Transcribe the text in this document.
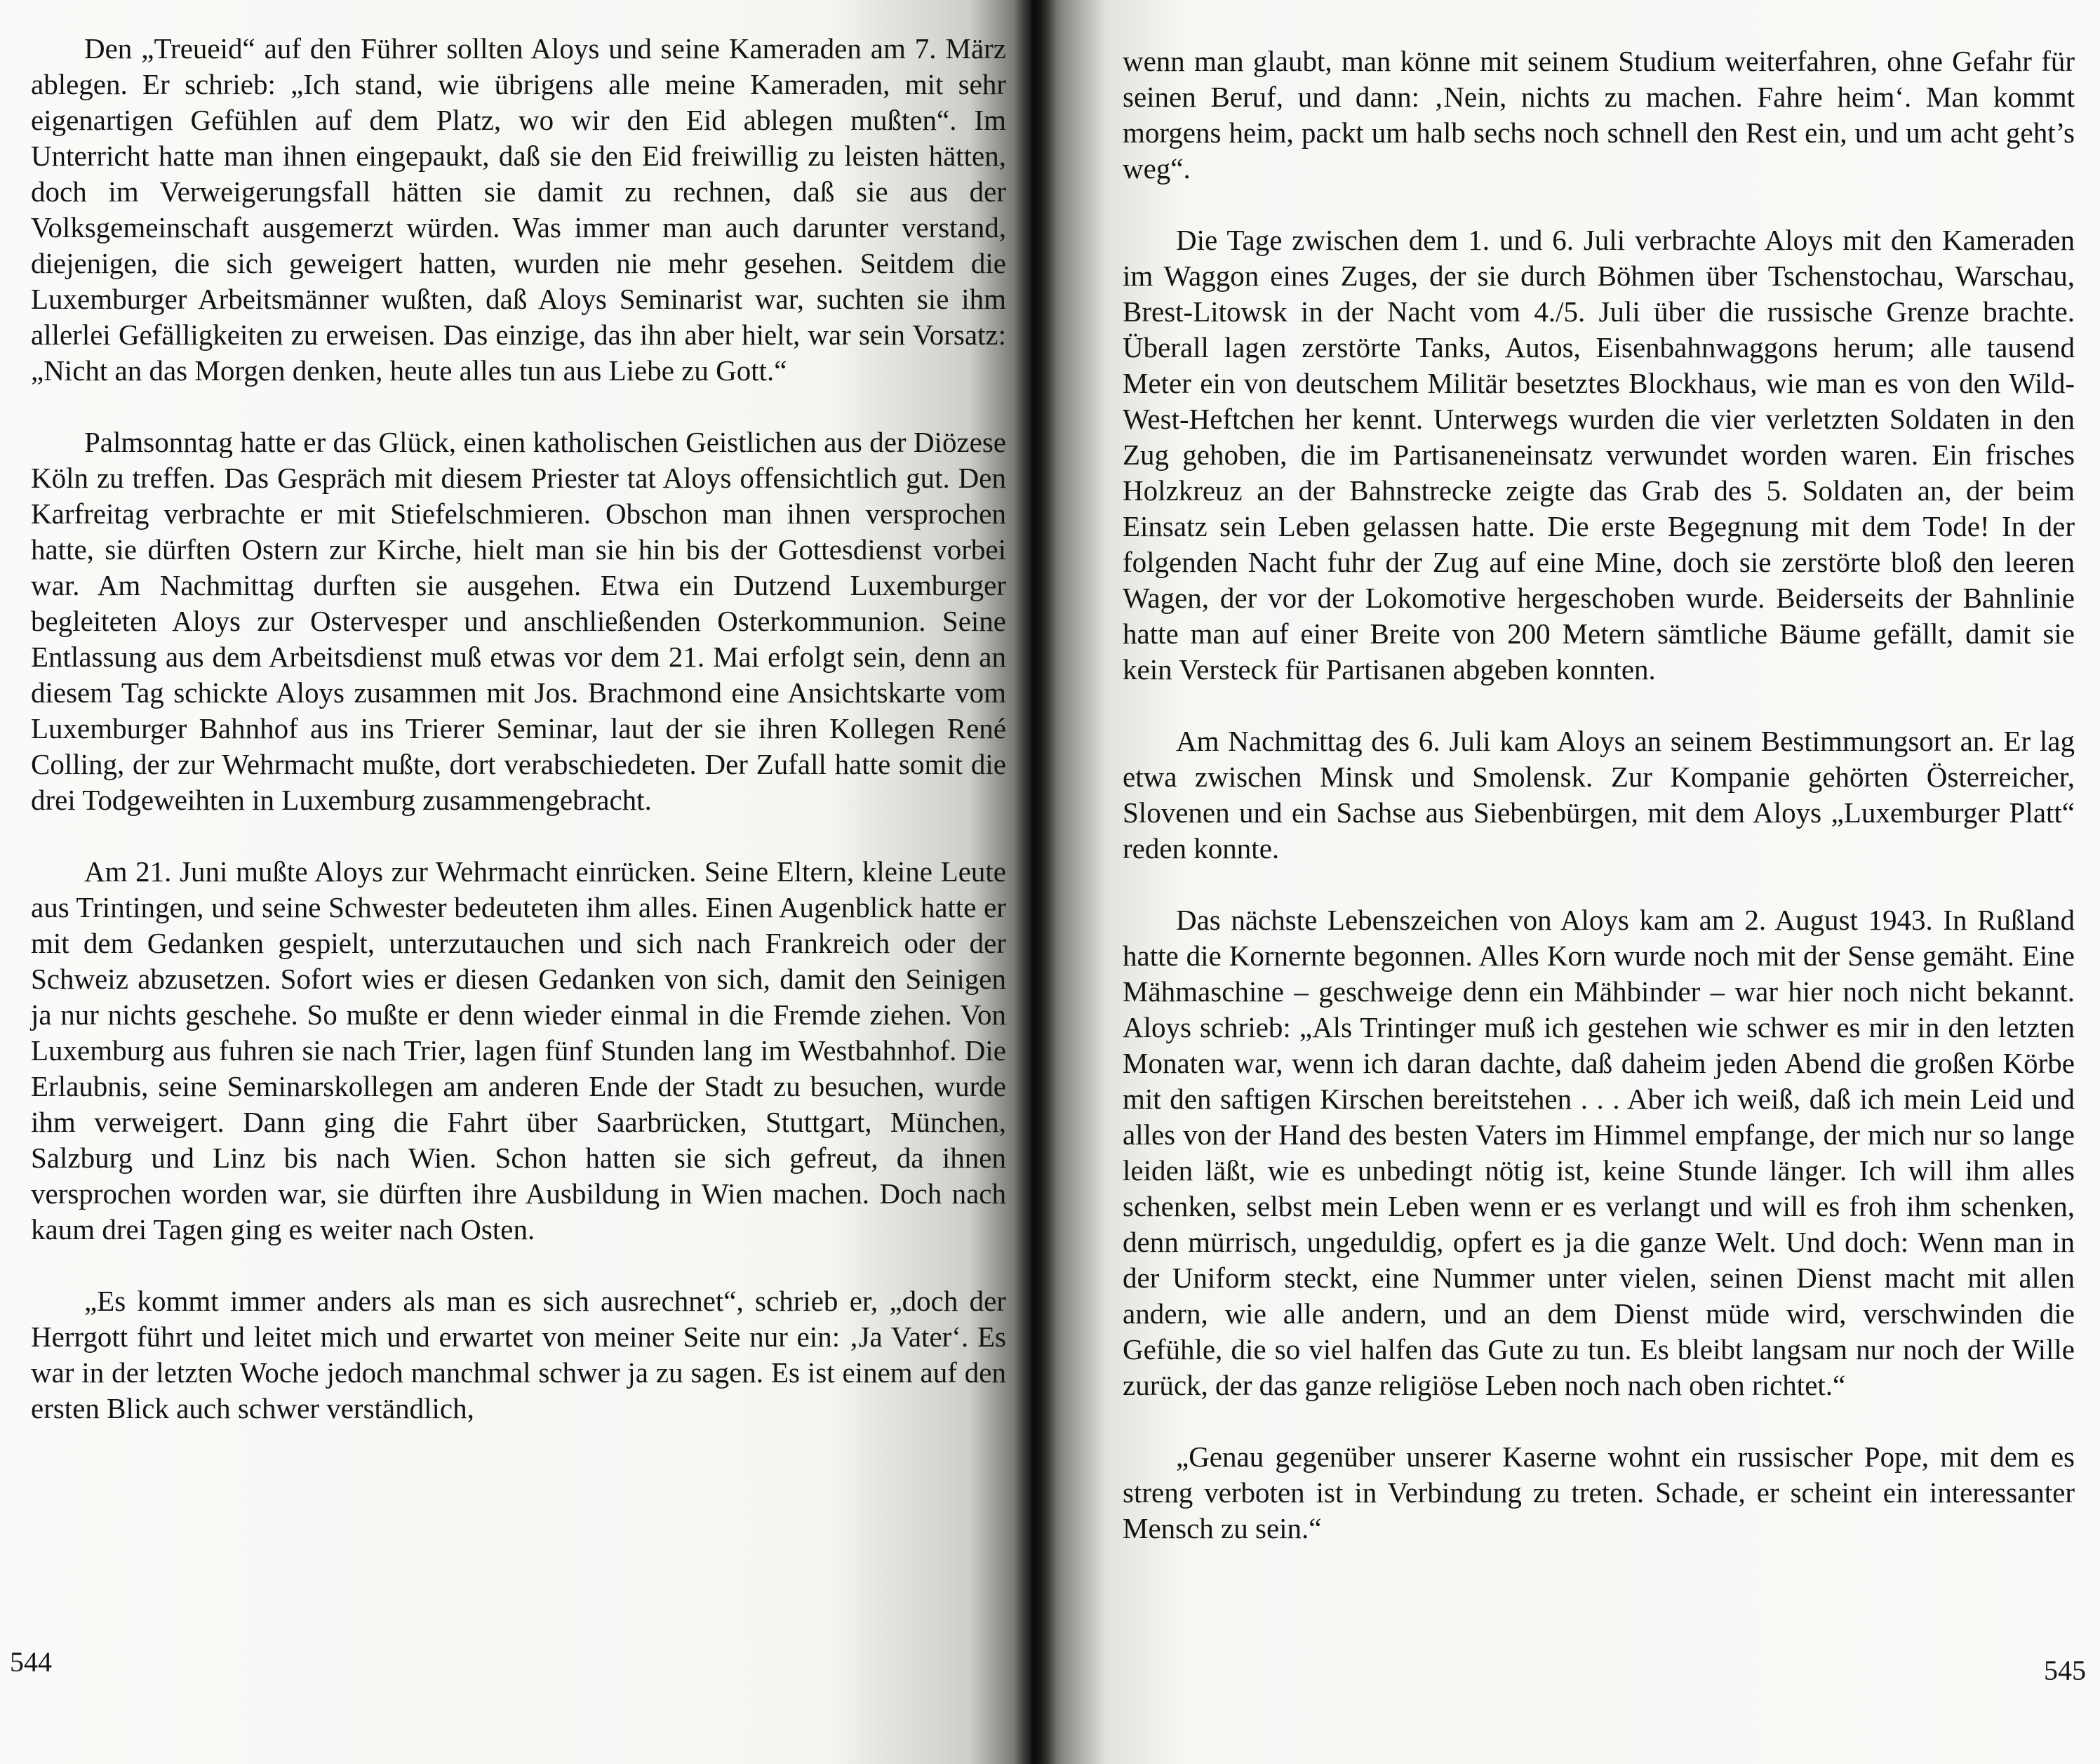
Den „Treueid“ auf den Führer sollten Aloys und seine Kameraden am 7. März ablegen. Er schrieb: „Ich stand, wie übrigens alle meine Kameraden, mit sehr eigenartigen Gefühlen auf dem Platz, wo wir den Eid ablegen mußten“. Im Unterricht hatte man ihnen eingepaukt, daß sie den Eid freiwillig zu leisten hätten, doch im Verweigerungsfall hätten sie damit zu rechnen, daß sie aus der Volksgemeinschaft ausgemerzt würden. Was immer man auch darunter verstand, diejenigen, die sich geweigert hatten, wurden nie mehr gesehen. Seitdem die Luxemburger Arbeitsmänner wußten, daß Aloys Seminarist war, suchten sie ihm allerlei Gefälligkeiten zu erweisen. Das einzige, das ihn aber hielt, war sein Vorsatz: „Nicht an das Morgen denken, heute alles tun aus Liebe zu Gott.“

Palmsonntag hatte er das Glück, einen katholischen Geistlichen aus der Diözese Köln zu treffen. Das Gespräch mit diesem Priester tat Aloys offensichtlich gut. Den Karfreitag verbrachte er mit Stiefelschmieren. Obschon man ihnen versprochen hatte, sie dürften Ostern zur Kirche, hielt man sie hin bis der Gottesdienst vorbei war. Am Nachmittag durften sie ausgehen. Etwa ein Dutzend Luxemburger begleiteten Aloys zur Ostervesper und anschließenden Osterkommunion. Seine Entlassung aus dem Arbeitsdienst muß etwas vor dem 21. Mai erfolgt sein, denn an diesem Tag schickte Aloys zusammen mit Jos. Brachmond eine Ansichtskarte vom Luxemburger Bahnhof aus ins Trierer Seminar, laut der sie ihren Kollegen René Colling, der zur Wehrmacht mußte, dort verabschiedeten. Der Zufall hatte somit die drei Todgeweihten in Luxemburg zusammengebracht.

Am 21. Juni mußte Aloys zur Wehrmacht einrücken. Seine Eltern, kleine Leute aus Trintingen, und seine Schwester bedeuteten ihm alles. Einen Augenblick hatte er mit dem Gedanken gespielt, unterzutauchen und sich nach Frankreich oder der Schweiz abzusetzen. Sofort wies er diesen Gedanken von sich, damit den Seinigen ja nur nichts geschehe. So mußte er denn wieder einmal in die Fremde ziehen. Von Luxemburg aus fuhren sie nach Trier, lagen fünf Stunden lang im Westbahnhof. Die Erlaubnis, seine Seminarskollegen am anderen Ende der Stadt zu besuchen, wurde ihm verweigert. Dann ging die Fahrt über Saarbrücken, Stuttgart, München, Salzburg und Linz bis nach Wien. Schon hatten sie sich gefreut, da ihnen versprochen worden war, sie dürften ihre Ausbildung in Wien machen. Doch nach kaum drei Tagen ging es weiter nach Osten.

„Es kommt immer anders als man es sich ausrechnet“, schrieb er, „doch der Herrgott führt und leitet mich und erwartet von meiner Seite nur ein: ‚Ja Vater‘. Es war in der letzten Woche jedoch manchmal schwer ja zu sagen. Es ist einem auf den ersten Blick auch schwer verständlich,

544

wenn man glaubt, man könne mit seinem Studium weiterfahren, ohne Gefahr für seinen Beruf, und dann: ‚Nein, nichts zu machen. Fahre heim‘. Man kommt morgens heim, packt um halb sechs noch schnell den Rest ein, und um acht geht’s weg“.

Die Tage zwischen dem 1. und 6. Juli verbrachte Aloys mit den Kameraden im Waggon eines Zuges, der sie durch Böhmen über Tschenstochau, Warschau, Brest-Litowsk in der Nacht vom 4./5. Juli über die russische Grenze brachte. Überall lagen zerstörte Tanks, Autos, Eisenbahnwaggons herum; alle tausend Meter ein von deutschem Militär besetztes Blockhaus, wie man es von den Wild-West-Heftchen her kennt. Unterwegs wurden die vier verletzten Soldaten in den Zug gehoben, die im Partisaneneinsatz verwundet worden waren. Ein frisches Holzkreuz an der Bahnstrecke zeigte das Grab des 5. Soldaten an, der beim Einsatz sein Leben gelassen hatte. Die erste Begegnung mit dem Tode! In der folgenden Nacht fuhr der Zug auf eine Mine, doch sie zerstörte bloß den leeren Wagen, der vor der Lokomotive hergeschoben wurde. Beiderseits der Bahnlinie hatte man auf einer Breite von 200 Metern sämtliche Bäume gefällt, damit sie kein Versteck für Partisanen abgeben konnten.

Am Nachmittag des 6. Juli kam Aloys an seinem Bestimmungsort an. Er lag etwa zwischen Minsk und Smolensk. Zur Kompanie gehörten Österreicher, Slovenen und ein Sachse aus Siebenbürgen, mit dem Aloys „Luxemburger Platt“ reden konnte.

Das nächste Lebenszeichen von Aloys kam am 2. August 1943. In Rußland hatte die Kornernte begonnen. Alles Korn wurde noch mit der Sense gemäht. Eine Mähmaschine – geschweige denn ein Mähbinder – war hier noch nicht bekannt. Aloys schrieb: „Als Trintinger muß ich gestehen wie schwer es mir in den letzten Monaten war, wenn ich daran dachte, daß daheim jeden Abend die großen Körbe mit den saftigen Kirschen bereitstehen . . . Aber ich weiß, daß ich mein Leid und alles von der Hand des besten Vaters im Himmel empfange, der mich nur so lange leiden läßt, wie es unbedingt nötig ist, keine Stunde länger. Ich will ihm alles schenken, selbst mein Leben wenn er es verlangt und will es froh ihm schenken, denn mürrisch, ungeduldig, opfert es ja die ganze Welt. Und doch: Wenn man in der Uniform steckt, eine Nummer unter vielen, seinen Dienst macht mit allen andern, wie alle andern, und an dem Dienst müde wird, verschwinden die Gefühle, die so viel halfen das Gute zu tun. Es bleibt langsam nur noch der Wille zurück, der das ganze religiöse Leben noch nach oben richtet.“

„Genau gegenüber unserer Kaserne wohnt ein russischer Pope, mit dem es streng verboten ist in Verbindung zu treten. Schade, er scheint ein interessanter Mensch zu sein.“

545
